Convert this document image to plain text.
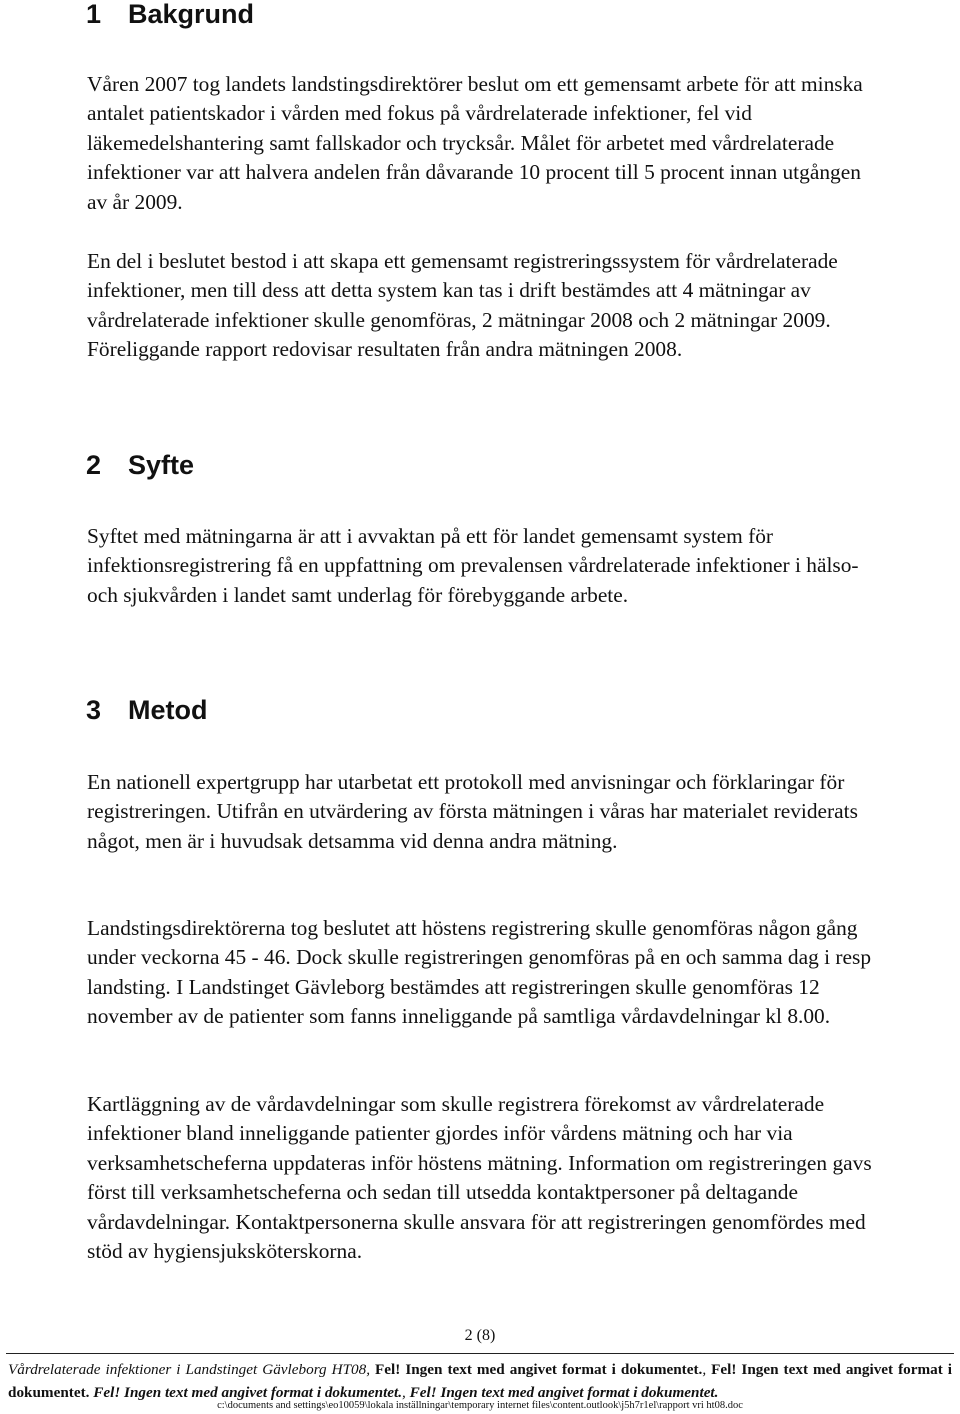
1 Bakgrund

Våren 2007 tog landets landstingsdirektörer beslut om ett gemensamt arbete för att minska antalet patientskador i vården med fokus på vårdrelaterade infektioner, fel vid läkemedelshantering samt fallskador och trycksår. Målet för arbetet med vårdrelaterade infektioner var att halvera andelen från dåvarande 10 procent till 5 procent innan utgången av år 2009.

En del i beslutet bestod i att skapa ett gemensamt registreringssystem för vårdrelaterade infektioner, men till dess att detta system kan tas i drift bestämdes att 4 mätningar av vårdrelaterade infektioner skulle genomföras, 2 mätningar 2008 och 2 mätningar 2009. Föreliggande rapport redovisar resultaten från andra mätningen 2008.

2 Syfte

Syftet med mätningarna är att i avvaktan på ett för landet gemensamt system för infektionsregistrering få en uppfattning om prevalensen vårdrelaterade infektioner i hälso- och sjukvården i landet samt underlag för förebyggande arbete.

3 Metod

En nationell expertgrupp har utarbetat ett protokoll med anvisningar och förklaringar för registreringen. Utifrån en utvärdering av första mätningen i våras har materialet reviderats något, men är i huvudsak detsamma vid denna andra mätning.

Landstingsdirektörerna tog beslutet att höstens registrering skulle genomföras någon gång under veckorna 45 - 46. Dock skulle registreringen genomföras på en och samma dag i resp landsting. I Landstinget Gävleborg bestämdes att registreringen skulle genomföras 12 november av de patienter som fanns inneliggande på samtliga vårdavdelningar kl 8.00.

Kartläggning av de vårdavdelningar som skulle registrera förekomst av vårdrelaterade infektioner bland inneliggande patienter gjordes inför vårdens mätning och har via verksamhetscheferna uppdateras inför höstens mätning. Information om registreringen gavs först till verksamhetscheferna och sedan till utsedda kontaktpersoner på deltagande vårdavdelningar. Kontaktpersonerna skulle ansvara för att registreringen genomfördes med stöd av hygiensjuksköterskorna.

2 (8)

Vårdrelaterade infektioner i Landstinget Gävleborg HT08, Fel! Ingen text med angivet format i dokumentet., Fel! Ingen text med angivet format i dokumentet. Fel! Ingen text med angivet format i dokumentet., Fel! Ingen text med angivet format i dokumentet.

c:\documents and settings\eo10059\lokala inställningar\temporary internet files\content.outlook\j5h7r1el\rapport vri ht08.doc
